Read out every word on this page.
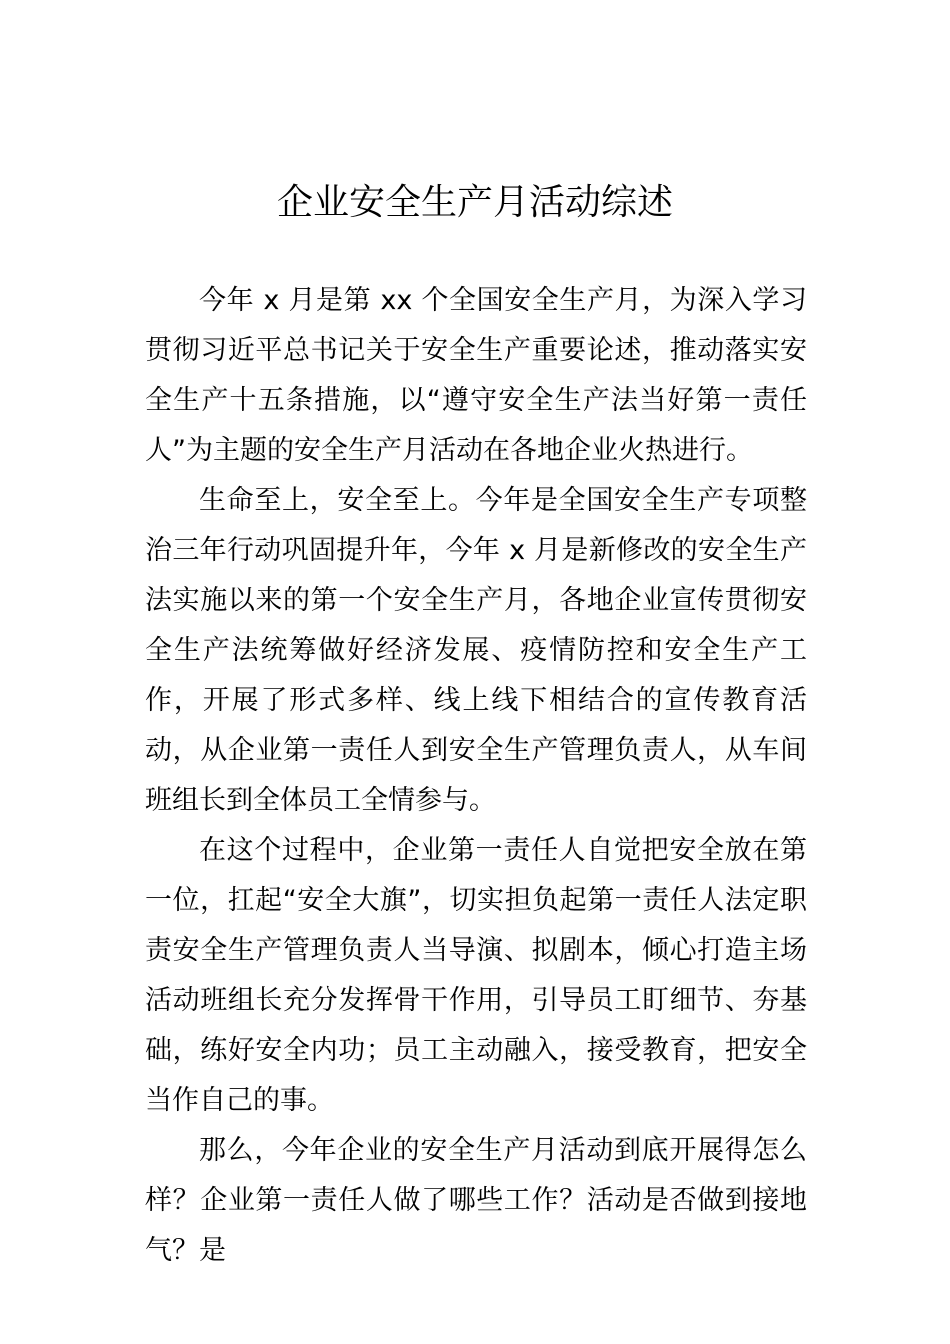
企业安全生产月活动综述

今年 x 月是第 xx 个全国安全生产月，为深入学习贯彻习近平总书记关于安全生产重要论述，推动落实安全生产十五条措施，以“遵守安全生产法当好第一责任人”为主题的安全生产月活动在各地企业火热进行。

生命至上，安全至上。今年是全国安全生产专项整治三年行动巩固提升年，今年 x 月是新修改的安全生产法实施以来的第一个安全生产月，各地企业宣传贯彻安全生产法统筹做好经济发展、疫情防控和安全生产工作，开展了形式多样、线上线下相结合的宣传教育活动，从企业第一责任人到安全生产管理负责人，从车间班组长到全体员工全情参与。

在这个过程中，企业第一责任人自觉把安全放在第一位，扛起“安全大旗”，切实担负起第一责任人法定职责安全生产管理负责人当导演、拟剧本，倾心打造主场活动班组长充分发挥骨干作用，引导员工盯细节、夯基础，练好安全内功；员工主动融入，接受教育，把安全当作自己的事。

那么，今年企业的安全生产月活动到底开展得怎么样？企业第一责任人做了哪些工作？活动是否做到接地气？是
